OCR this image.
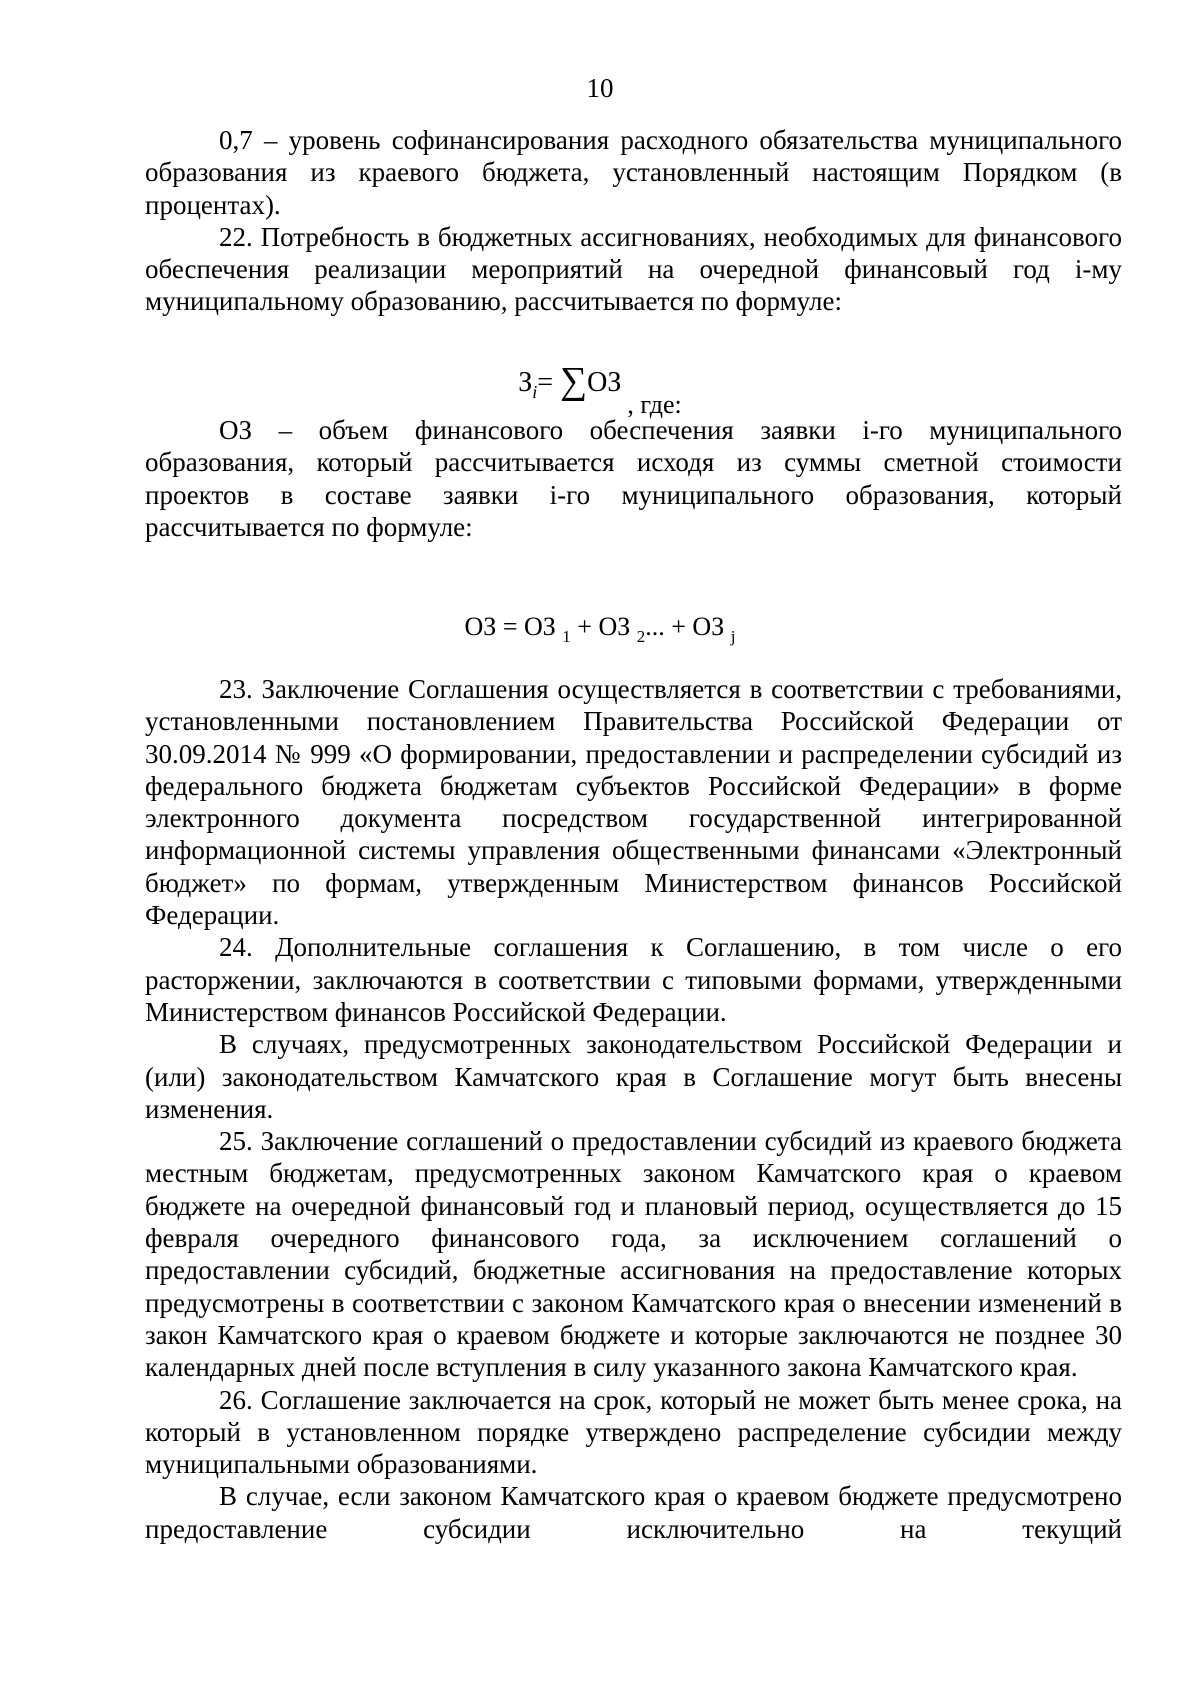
10

0,7 – уровень софинансирования расходного обязательства муниципального образования из краевого бюджета, установленный настоящим Порядком (в процентах).

22. Потребность в бюджетных ассигнованиях, необходимых для финансового обеспечения реализации мероприятий на очередной финансовый год i-му муниципальному образованию, рассчитывается по формуле:

$З_i= \sum ОЗ$, где:

ОЗ – объем финансового обеспечения заявки i-го муниципального образования, который рассчитывается исходя из суммы сметной стоимости проектов в составе заявки i-го муниципального образования, который рассчитывается по формуле:

ОЗ = ОЗ $_1$ + ОЗ $_2$... + ОЗ $_j$

23. Заключение Соглашения осуществляется в соответствии с требованиями, установленными постановлением Правительства Российской Федерации от 30.09.2014 № 999 «О формировании, предоставлении и распределении субсидий из федерального бюджета бюджетам субъектов Российской Федерации» в форме электронного документа посредством государственной интегрированной информационной системы управления общественными финансами «Электронный бюджет» по формам, утвержденным Министерством финансов Российской Федерации.

24. Дополнительные соглашения к Соглашению, в том числе о его расторжении, заключаются в соответствии с типовыми формами, утвержденными Министерством финансов Российской Федерации.

В случаях, предусмотренных законодательством Российской Федерации и (или) законодательством Камчатского края в Соглашение могут быть внесены изменения.

25. Заключение соглашений о предоставлении субсидий из краевого бюджета местным бюджетам, предусмотренных законом Камчатского края о краевом бюджете на очередной финансовый год и плановый период, осуществляется до 15 февраля очередного финансового года, за исключением соглашений о предоставлении субсидий, бюджетные ассигнования на предоставление которых предусмотрены в соответствии с законом Камчатского края о внесении изменений в закон Камчатского края о краевом бюджете и которые заключаются не позднее 30 календарных дней после вступления в силу указанного закона Камчатского края.

26. Соглашение заключается на срок, который не может быть менее срока, на который в установленном порядке утверждено распределение субсидии между муниципальными образованиями.

В случае, если законом Камчатского края о краевом бюджете предусмотрено предоставление субсидии исключительно на текущий
